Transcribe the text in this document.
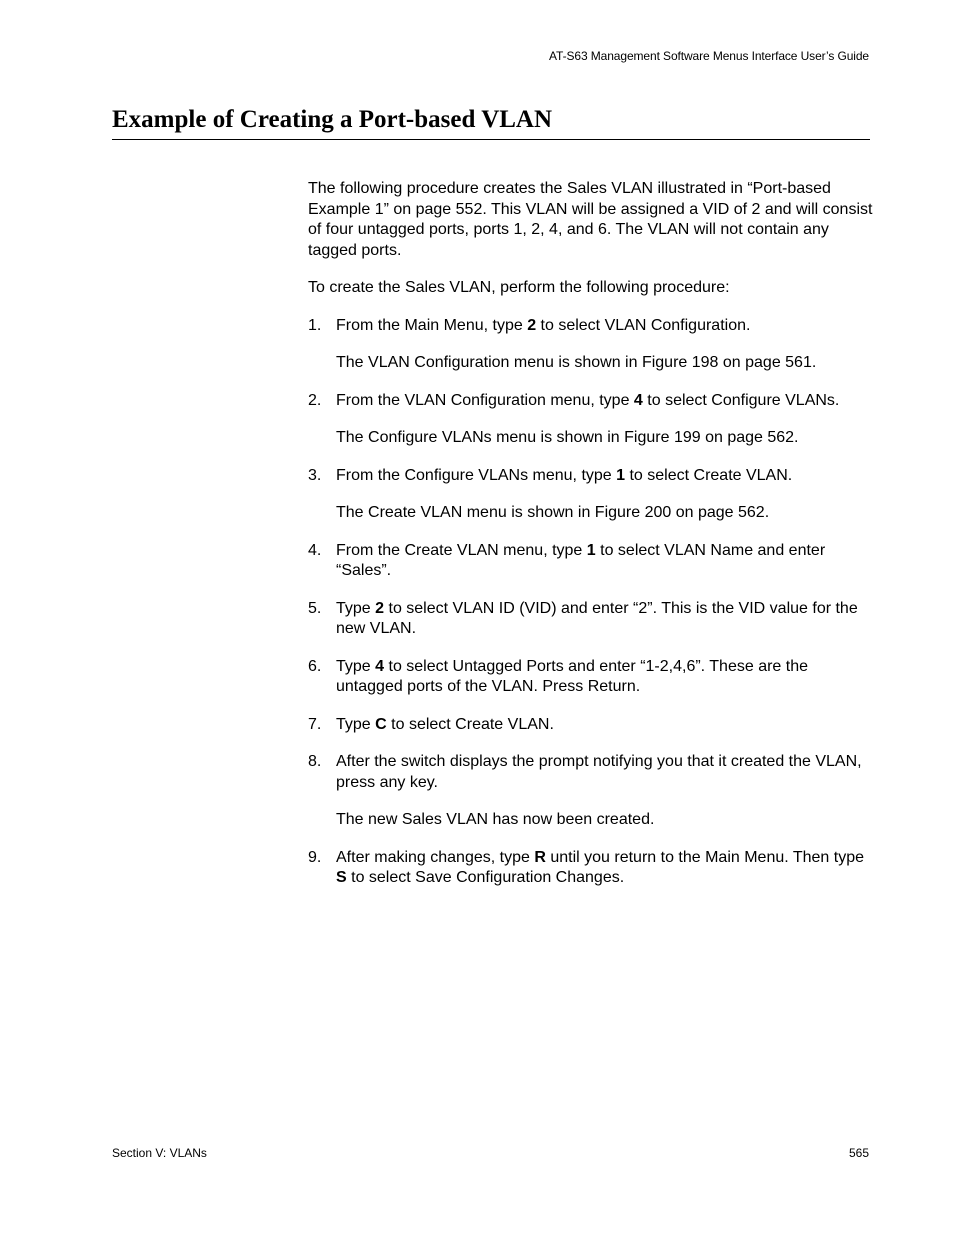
AT-S63 Management Software Menus Interface User’s Guide
Example of Creating a Port-based VLAN

The following procedure creates the Sales VLAN illustrated in “Port-based Example 1” on page 552. This VLAN will be assigned a VID of 2 and will consist of four untagged ports, ports 1, 2, 4, and 6. The VLAN will not contain any tagged ports.

To create the Sales VLAN, perform the following procedure:

1. From the Main Menu, type 2 to select VLAN Configuration.

The VLAN Configuration menu is shown in Figure 198 on page 561.

2. From the VLAN Configuration menu, type 4 to select Configure VLANs.

The Configure VLANs menu is shown in Figure 199 on page 562.

3. From the Configure VLANs menu, type 1 to select Create VLAN.

The Create VLAN menu is shown in Figure 200 on page 562.

4. From the Create VLAN menu, type 1 to select VLAN Name and enter “Sales”.

5. Type 2 to select VLAN ID (VID) and enter “2”. This is the VID value for the new VLAN.

6. Type 4 to select Untagged Ports and enter “1-2,4,6”. These are the untagged ports of the VLAN. Press Return.

7. Type C to select Create VLAN.

8. After the switch displays the prompt notifying you that it created the VLAN, press any key.

The new Sales VLAN has now been created.

9. After making changes, type R until you return to the Main Menu. Then type S to select Save Configuration Changes.

Section V: VLANs	565
